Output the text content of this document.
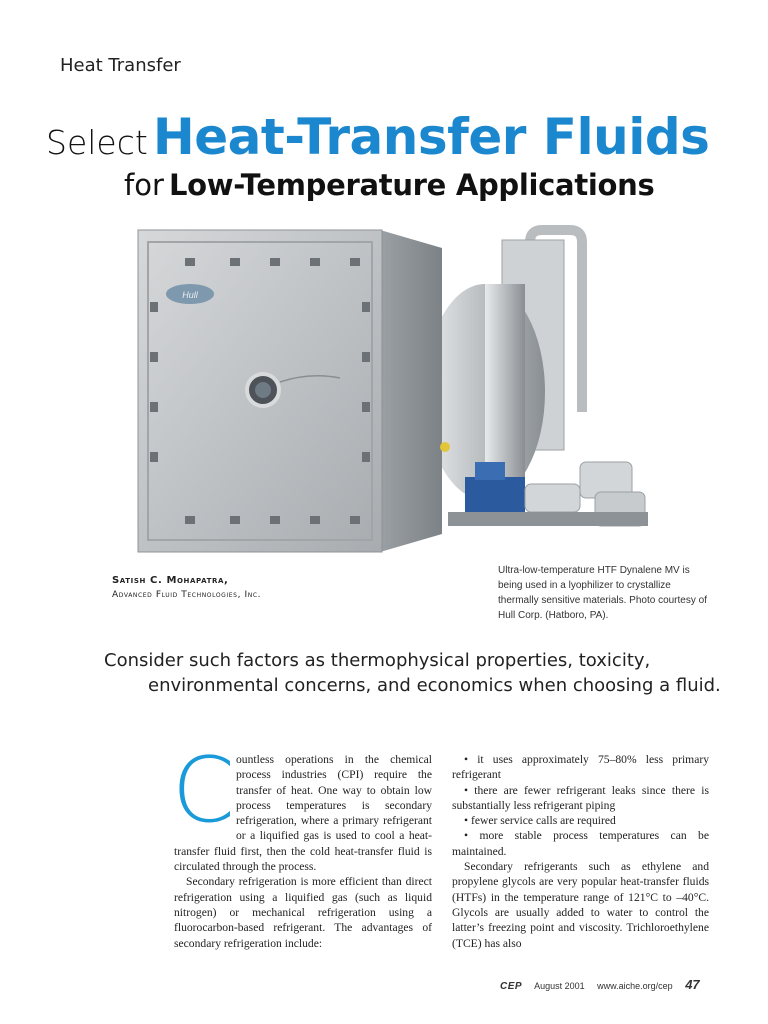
Heat Transfer
Select Heat-Transfer Fluids
for Low-Temperature Applications
Hull
Satish C. Mohapatra,
Advanced Fluid Technologies, Inc.
Ultra-low-temperature HTF Dynalene MV is being used in a lyophilizer to crystallize thermally sensitive materials. Photo courtesy of Hull Corp. (Hatboro, PA).
Consider such factors as thermophysical properties, toxicity,
environmental concerns, and economics when choosing a fluid.
C ountless operations in the chemical process industries (CPI) require the transfer of heat. One way to obtain low process temperatures is secondary refrigeration, where a primary refrigerant or a liquified gas is used to cool a heat-transfer fluid first, then the cold heat-transfer fluid is circulated through the process.

Secondary refrigeration is more efficient than direct refrigeration using a liquified gas (such as liquid nitrogen) or mechanical refrigeration using a fluorocarbon-based refrigerant. The advantages of secondary refrigeration include:

• it uses approximately 75–80% less primary refrigerant

• there are fewer refrigerant leaks since there is substantially less refrigerant piping

• fewer service calls are required

• more stable process temperatures can be maintained.

Secondary refrigerants such as ethylene and propylene glycols are very popular heat-transfer fluids (HTFs) in the temperature range of 121°C to –40°C. Glycols are usually added to water to control the latter’s freezing point and viscosity. Trichloroethylene (TCE) has also

CEP August 2001 www.aiche.org/cep 47
